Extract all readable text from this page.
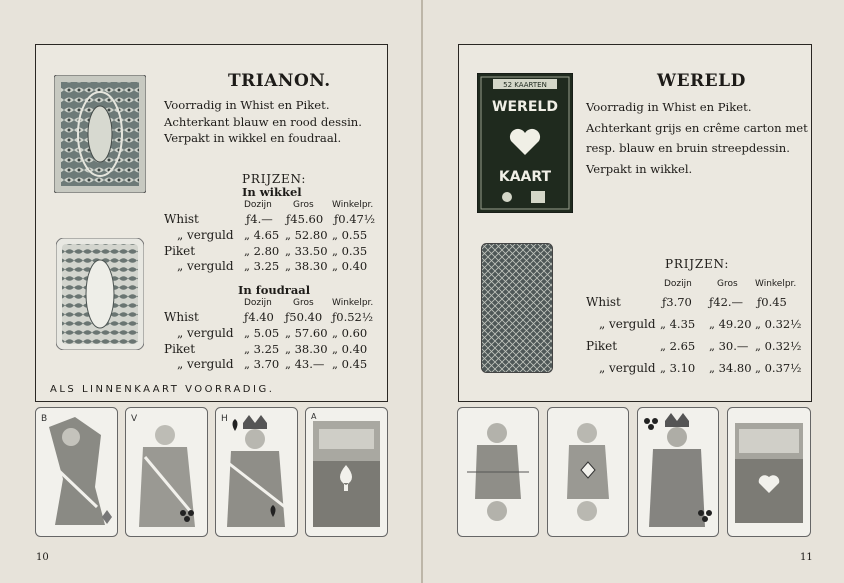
TRIANON.
Voorradig in Whist en Piket.
Achterkant blauw en rood dessin.
Verpakt in wikkel en foudraal.
PRIJZEN:
In wikkel
Dozijn Gros Winkelpr.
Whist	ƒ4.— ƒ45.60 ƒ0.47½
„ verguld „ 4.65 „ 52.80 „ 0.55
Piket	„ 2.80 „ 33.50 „ 0.35
„ verguld „ 3.25 „ 38.30 „ 0.40
In foudraal
Dozijn Gros Winkelpr.
Whist	ƒ4.40 ƒ50.40 ƒ0.52½
„ verguld „ 5.05 „ 57.60 „ 0.60
Piket	„ 3.25 „ 38.30 „ 0.40
„ verguld „ 3.70 „ 43.— „ 0.45
ALS LINNENKAART VOORRADIG.
B	V	H	A
10
52 KAARTEN
WERELD
KAART
WERELD
Voorradig in Whist en Piket.
Achterkant grijs en crême carton met
resp. blauw en bruin streepdessin.
Verpakt in wikkel.
PRIJZEN:
Dozijn	Gros Winkelpr.
Whist	ƒ3.70 ƒ42.— ƒ0.45
„ verguld „ 4.35 „ 49.20 „ 0.32½
Piket	„ 2.65 „ 30.— „ 0.32½
„ verguld „ 3.10 „ 34.80 „ 0.37½
11
